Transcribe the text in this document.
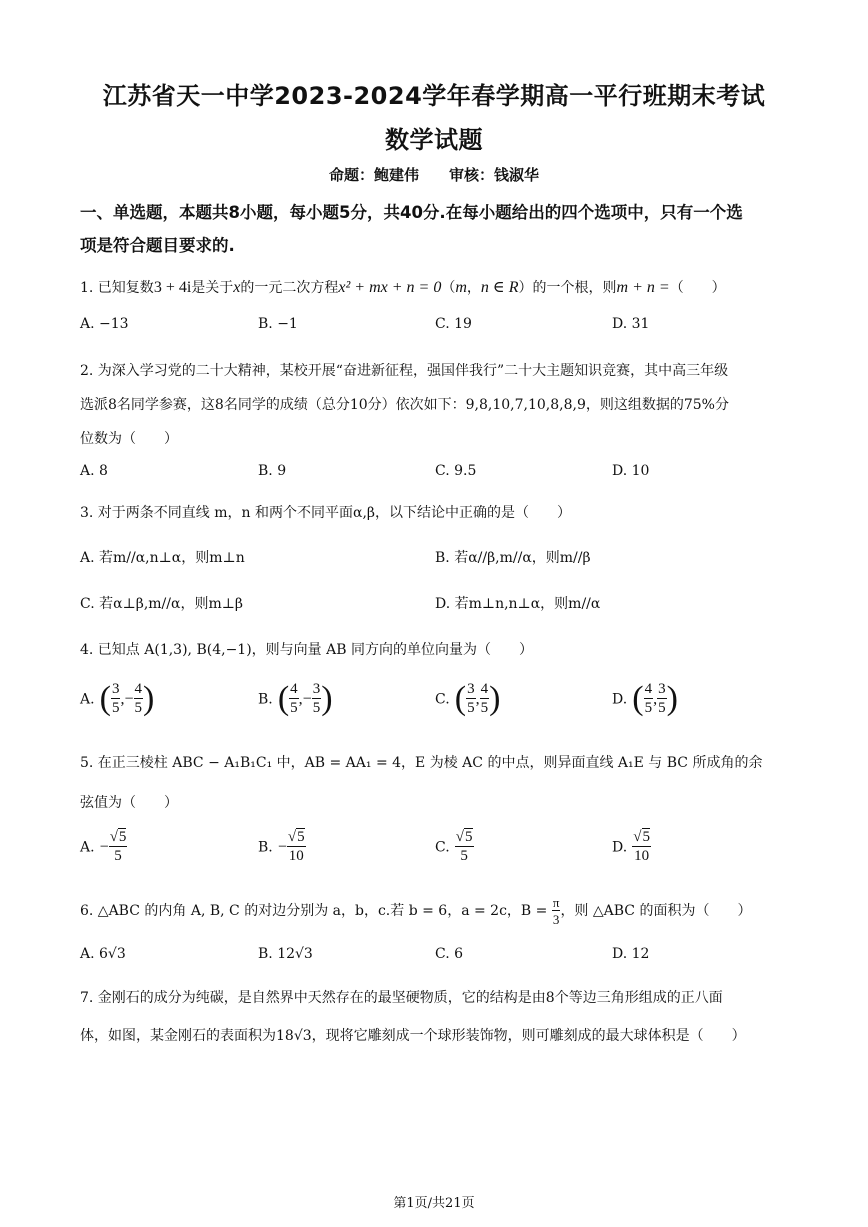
江苏省天一中学2023-2024学年春学期高一平行班期末考试
数学试题
命题：鲍建伟　　审核：钱淑华
一、单选题，本题共8小题，每小题5分，共40分.在每小题给出的四个选项中，只有一个选
项是符合题目要求的.
1. 已知复数3 + 4i是关于x的一元二次方程x² + mx + n = 0（m，n ∈ R）的一个根，则m + n =（　　）
A. −13	B. −1	C. 19	D. 31
2. 为深入学习党的二十大精神，某校开展“奋进新征程，强国伴我行”二十大主题知识竞赛，其中高三年级
选派8名同学参赛，这8名同学的成绩（总分10分）依次如下：9,8,10,7,10,8,8,9，则这组数据的75%分
位数为（　　）
A. 8	B. 9	C. 9.5	D. 10
3. 对于两条不同直线 m，n 和两个不同平面α,β，以下结论中正确的是（　　）
A. 若m//α,n⊥α，则m⊥n	B. 若α//β,m//α，则m//β
C. 若α⊥β,m//α，则m⊥β	D. 若m⊥n,n⊥α，则m//α
4. 已知点 A(1,3), B(4,−1)，则与向量 AB 同方向的单位向量为（　　）
A. ( $\frac{3}{5}$ ,− $\frac{4}{5}$ )	B. ( $\frac{4}{5}$ ,− $\frac{3}{5}$ )	C. ( $\frac{3}{5}$ , $\frac{4}{5}$ )	D. ( $\frac{4}{5}$ , $\frac{3}{5}$ )
5. 在正三棱柱 ABC − A₁B₁C₁ 中，AB = AA₁ = 4，E 为棱 AC 的中点，则异面直线 A₁E 与 BC 所成角的余
弦值为（　　）
A. − $\frac{√5}{5}$	B. − $\frac{√5}{10}$	C. $\frac{√5}{5}$	D. $\frac{√5}{10}$
6. △ABC 的内角 A, B, C 的对边分别为 a，b，c.若 b = 6，a = 2c，$B = \frac{\pi}{3}$ ，则 △ABC 的面积为（　　）
A. 6√3	B. 12√3	C. 6	D. 12
7. 金刚石的成分为纯碳，是自然界中天然存在的最坚硬物质，它的结构是由8个等边三角形组成的正八面
体，如图，某金刚石的表面积为18√3，现将它雕刻成一个球形装饰物，则可雕刻成的最大球体积是（　　）
第1页/共21页
